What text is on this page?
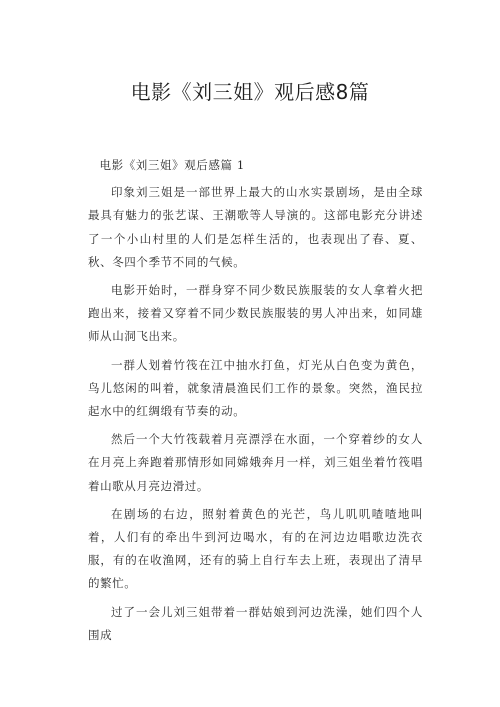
电影《刘三姐》观后感8篇

电影《刘三姐》观后感篇 1

印象刘三姐是一部世界上最大的山水实景剧场，是由全球最具有魅力的张艺谋、王潮歌等人导演的。这部电影充分讲述了一个小山村里的人们是怎样生活的，也表现出了春、夏、秋、冬四个季节不同的气候。

电影开始时，一群身穿不同少数民族服装的女人拿着火把跑出来，接着又穿着不同少数民族服装的男人冲出来，如同雄师从山洞飞出来。

一群人划着竹筏在江中抽水打鱼，灯光从白色变为黄色，鸟儿悠闲的叫着，就象清晨渔民们工作的景象。突然，渔民拉起水中的红绸缎有节奏的动。

然后一个大竹筏载着月亮漂浮在水面，一个穿着纱的女人在月亮上奔跑着那情形如同嫦娥奔月一样，刘三姐坐着竹筏唱着山歌从月亮边滑过。

在剧场的右边，照射着黄色的光芒，鸟儿叽叽喳喳地叫着，人们有的牵出牛到河边喝水，有的在河边边唱歌边洗衣服，有的在收渔网，还有的骑上自行车去上班，表现出了清早的繁忙。

过了一会儿刘三姐带着一群姑娘到河边洗澡，她们四个人围成
